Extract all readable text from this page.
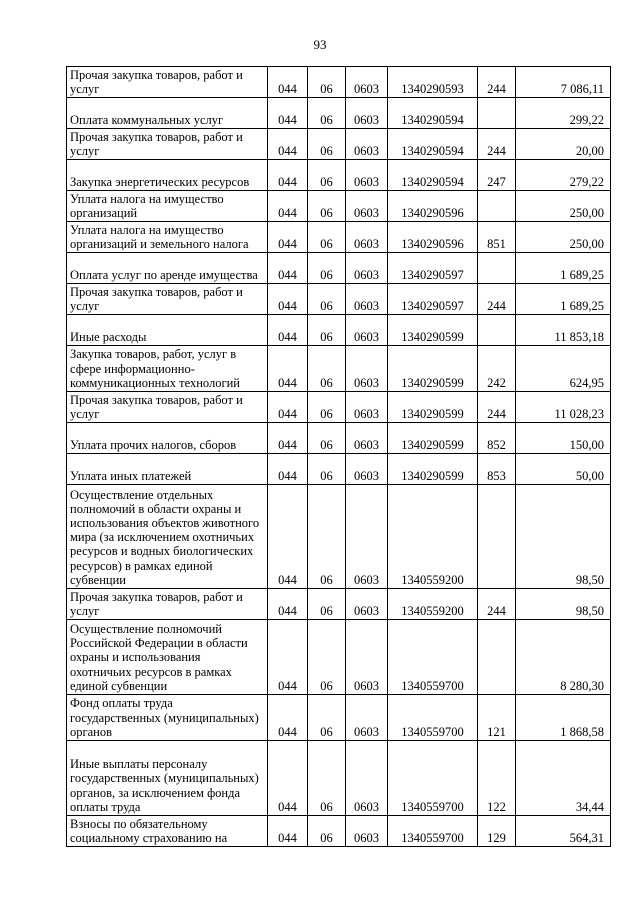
93
Прочая закупка товаров, работ и услуг	044	06	0603	1340290593	244	7 086,11
Оплата коммунальных услуг	044	06	0603	1340290594		299,22
Прочая закупка товаров, работ и услуг	044	06	0603	1340290594	244	20,00
Закупка энергетических ресурсов	044	06	0603	1340290594	247	279,22
Уплата налога на имущество организаций	044	06	0603	1340290596		250,00
Уплата налога на имущество организаций и земельного налога	044	06	0603	1340290596	851	250,00
Оплата услуг по аренде имущества	044	06	0603	1340290597		1 689,25
Прочая закупка товаров, работ и услуг	044	06	0603	1340290597	244	1 689,25
Иные расходы	044	06	0603	1340290599		11 853,18
Закупка товаров, работ, услуг в сфере информационно-коммуникационных технологий	044	06	0603	1340290599	242	624,95
Прочая закупка товаров, работ и услуг	044	06	0603	1340290599	244	11 028,23
Уплата прочих налогов, сборов	044	06	0603	1340290599	852	150,00
Уплата иных платежей	044	06	0603	1340290599	853	50,00
Осуществление отдельных полномочий в области охраны и использования объектов животного мира (за исключением охотничьих ресурсов и водных биологических ресурсов) в рамках единой субвенции	044	06	0603	1340559200		98,50
Прочая закупка товаров, работ и услуг	044	06	0603	1340559200	244	98,50
Осуществление полномочий Российской Федерации в области охраны и использования охотничьих ресурсов в рамках единой субвенции	044	06	0603	1340559700		8 280,30
Фонд оплаты труда государственных (муниципальных) органов	044	06	0603	1340559700	121	1 868,58
Иные выплаты персоналу государственных (муниципальных) органов, за исключением фонда оплаты труда	044	06	0603	1340559700	122	34,44
Взносы по обязательному социальному страхованию на	044	06	0603	1340559700	129	564,31
